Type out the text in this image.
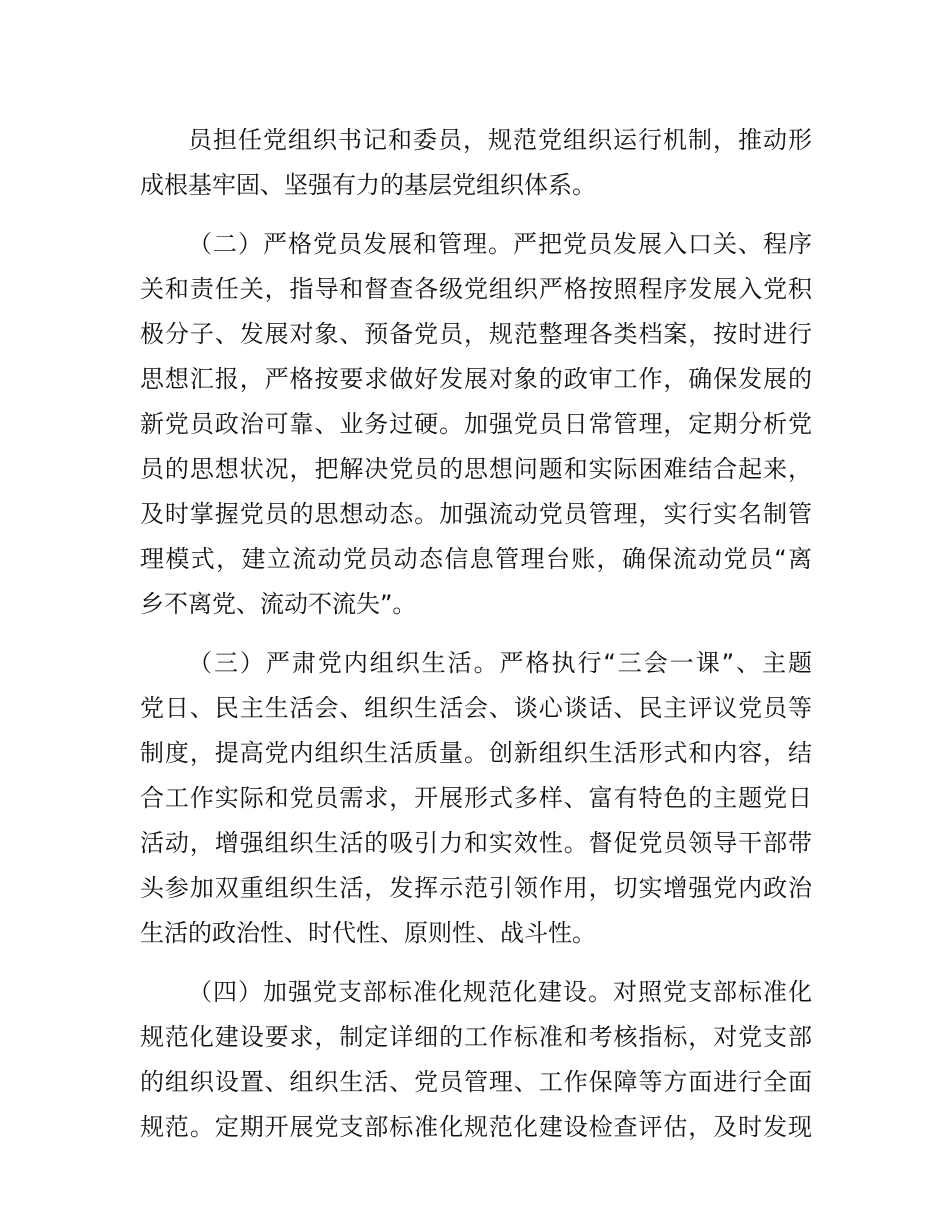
员担任党组织书记和委员，规范党组织运行机制，推动形
成根基牢固、坚强有力的基层党组织体系。
（二）严格党员发展和管理。严把党员发展入口关、程序
关和责任关，指导和督查各级党组织严格按照程序发展入党积
极分子、发展对象、预备党员，规范整理各类档案，按时进行
思想汇报，严格按要求做好发展对象的政审工作，确保发展的
新党员政治可靠、业务过硬。加强党员日常管理，定期分析党
员的思想状况，把解决党员的思想问题和实际困难结合起来，
及时掌握党员的思想动态。加强流动党员管理，实行实名制管
理模式，建立流动党员动态信息管理台账，确保流动党员“离
乡不离党、流动不流失”。
（三）严肃党内组织生活。严格执行“三会一课”、主题
党日、民主生活会、组织生活会、谈心谈话、民主评议党员等
制度，提高党内组织生活质量。创新组织生活形式和内容，结
合工作实际和党员需求，开展形式多样、富有特色的主题党日
活动，增强组织生活的吸引力和实效性。督促党员领导干部带
头参加双重组织生活，发挥示范引领作用，切实增强党内政治
生活的政治性、时代性、原则性、战斗性。
（四）加强党支部标准化规范化建设。对照党支部标准化
规范化建设要求，制定详细的工作标准和考核指标，对党支部
的组织设置、组织生活、党员管理、工作保障等方面进行全面
规范。定期开展党支部标准化规范化建设检查评估，及时发现
